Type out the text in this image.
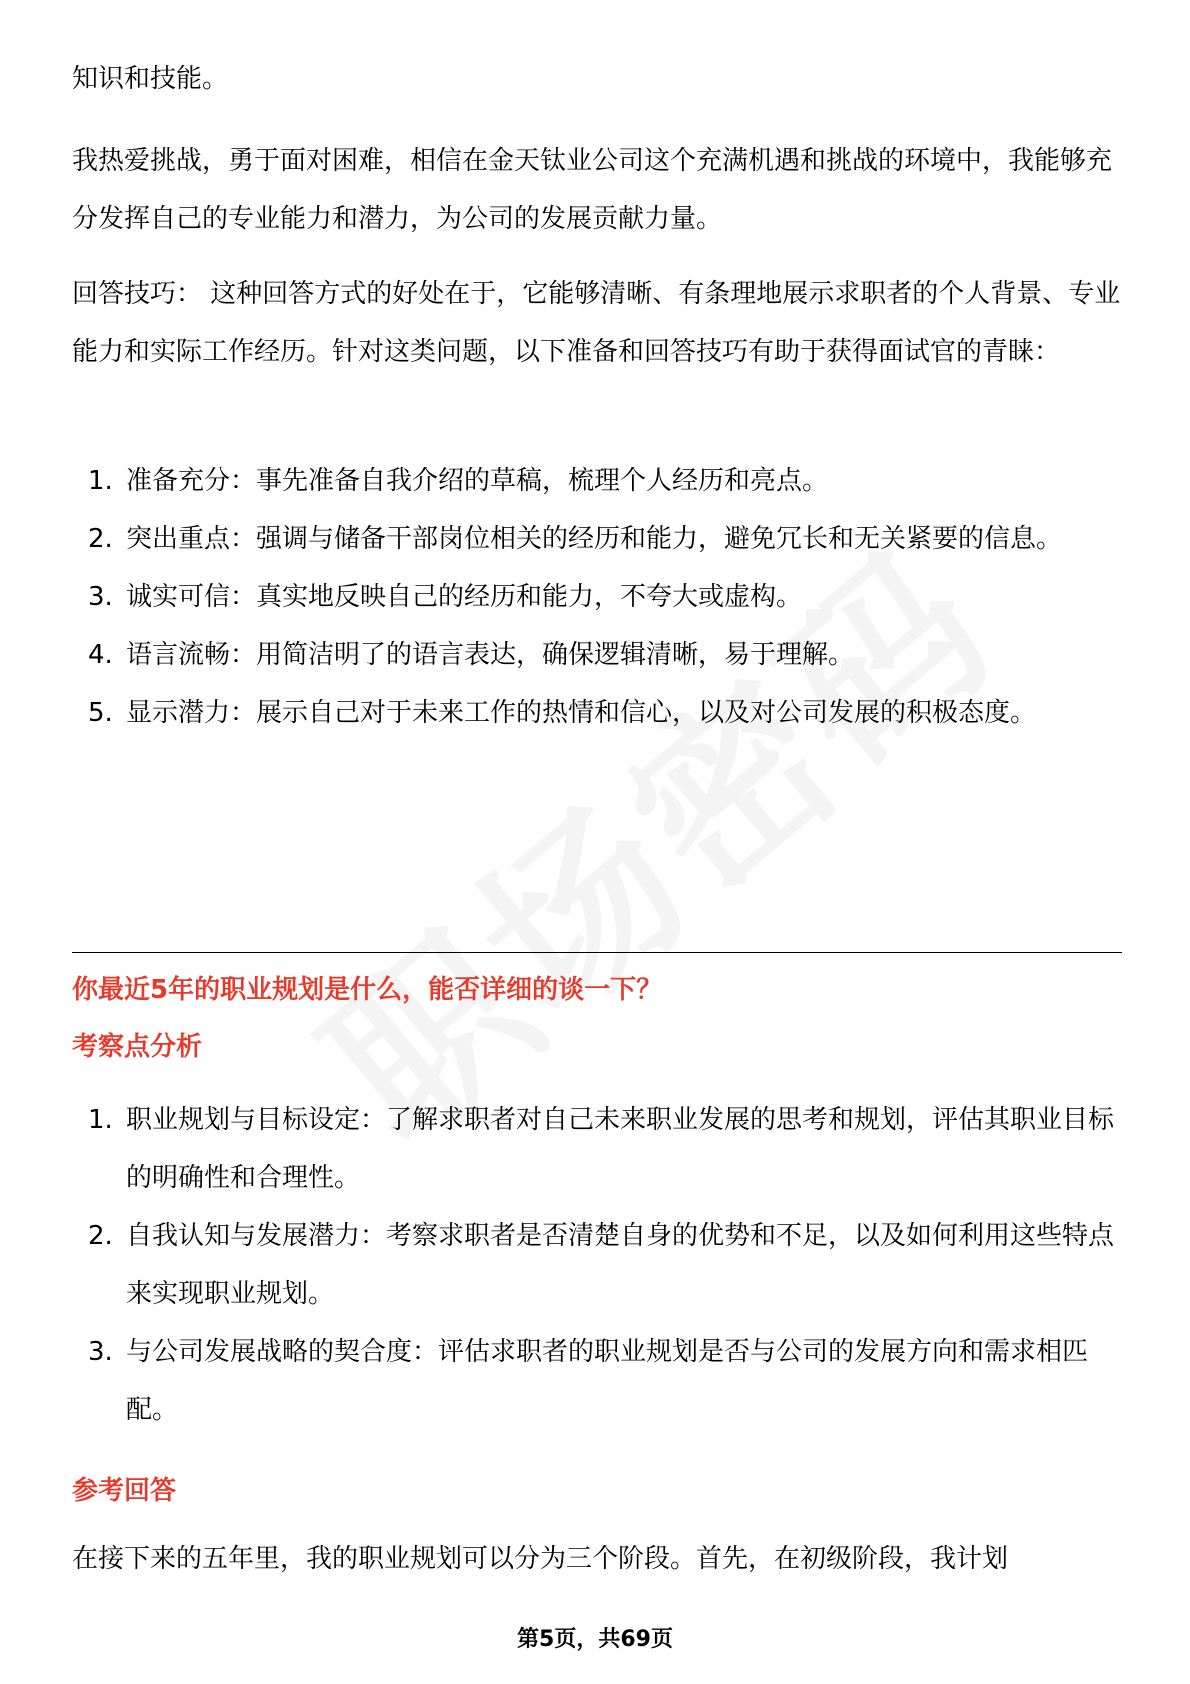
知识和技能。

我热爱挑战，勇于面对困难，相信在金天钛业公司这个充满机遇和挑战的环境中，我能够充分发挥自己的专业能力和潜力，为公司的发展贡献力量。

回答技巧： 这种回答方式的好处在于，它能够清晰、有条理地展示求职者的个人背景、专业能力和实际工作经历。针对这类问题，以下准备和回答技巧有助于获得面试官的青睐：

1. 准备充分：事先准备自我介绍的草稿，梳理个人经历和亮点。
2. 突出重点：强调与储备干部岗位相关的经历和能力，避免冗长和无关紧要的信息。
3. 诚实可信：真实地反映自己的经历和能力，不夸大或虚构。
4. 语言流畅：用简洁明了的语言表达，确保逻辑清晰，易于理解。
5. 显示潜力：展示自己对于未来工作的热情和信心，以及对公司发展的积极态度。
你最近5年的职业规划是什么，能否详细的谈一下？
考察点分析
1. 职业规划与目标设定：了解求职者对自己未来职业发展的思考和规划，评估其职业目标的明确性和合理性。
2. 自我认知与发展潜力：考察求职者是否清楚自身的优势和不足，以及如何利用这些特点来实现职业规划。
3. 与公司发展战略的契合度：评估求职者的职业规划是否与公司的发展方向和需求相匹配。
参考回答

在接下来的五年里，我的职业规划可以分为三个阶段。首先，在初级阶段，我计划

第5页，共69页
